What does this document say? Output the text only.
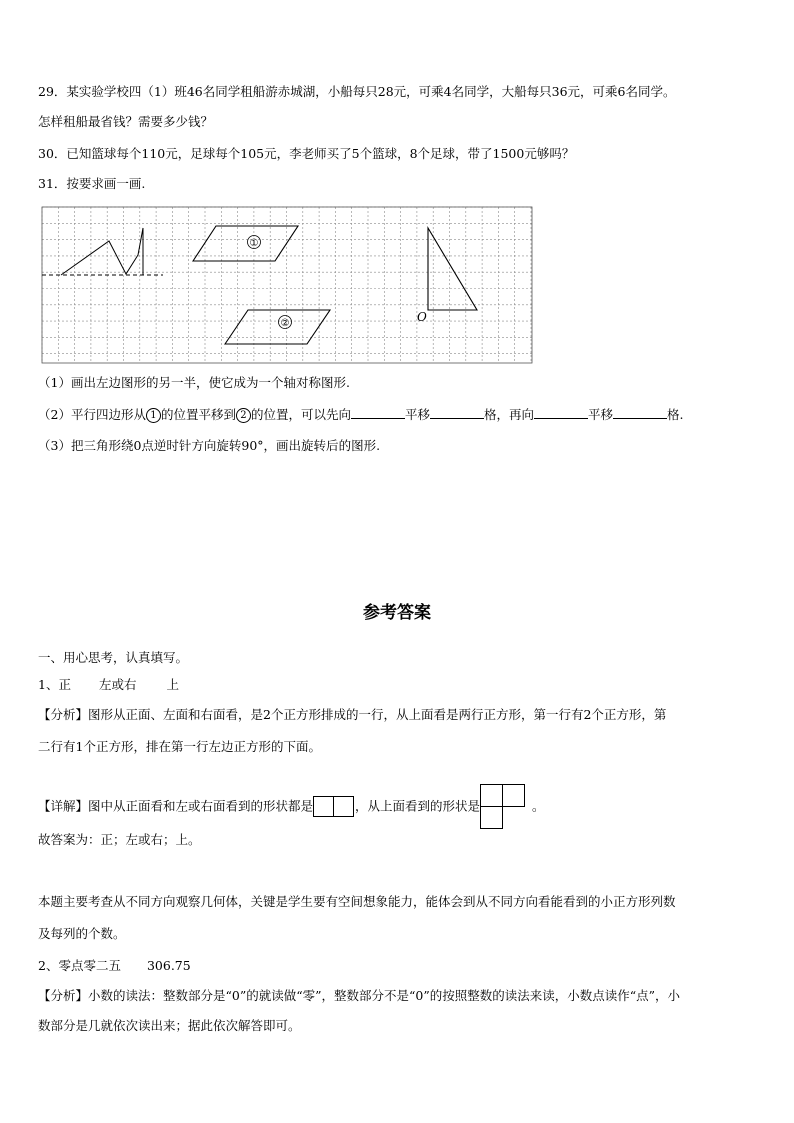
29．某实验学校四（1）班46名同学租船游赤城湖，小船每只28元，可乘4名同学，大船每只36元，可乘6名同学。
怎样租船最省钱？需要多少钱？
30．已知篮球每个110元，足球每个105元，李老师买了5个篮球，8个足球，带了1500元够吗？
31．按要求画一画.
①
②	O
（1）画出左边图形的另一半，使它成为一个轴对称图形.
（2）平行四边形从 1 的位置平移到 2 的位置，可以先向	平移	格，再向	平移	格.
（3）把三角形绕0点逆时针方向旋转90°，画出旋转后的图形.
参考答案
一、用心思考，认真填写。
1、正 左或右 上
【分析】图形从正面、左面和右面看，是2个正方形排成的一行，从上面看是两行正方形，第一行有2个正方形，第
二行有1个正方形，排在第一行左边正方形的下面。
【详解】图中从正面看和左或右面看到的形状都是	，从上面看到的形状是	。
故答案为：正；左或右；上。
本题主要考查从不同方向观察几何体，关键是学生要有空间想象能力，能体会到从不同方向看能看到的小正方形列数
及每列的个数。
2、零点零二五 306.75
【分析】小数的读法：整数部分是“0”的就读做“零”，整数部分不是“0”的按照整数的读法来读，小数点读作“点”，小
数部分是几就依次读出来；据此依次解答即可。
